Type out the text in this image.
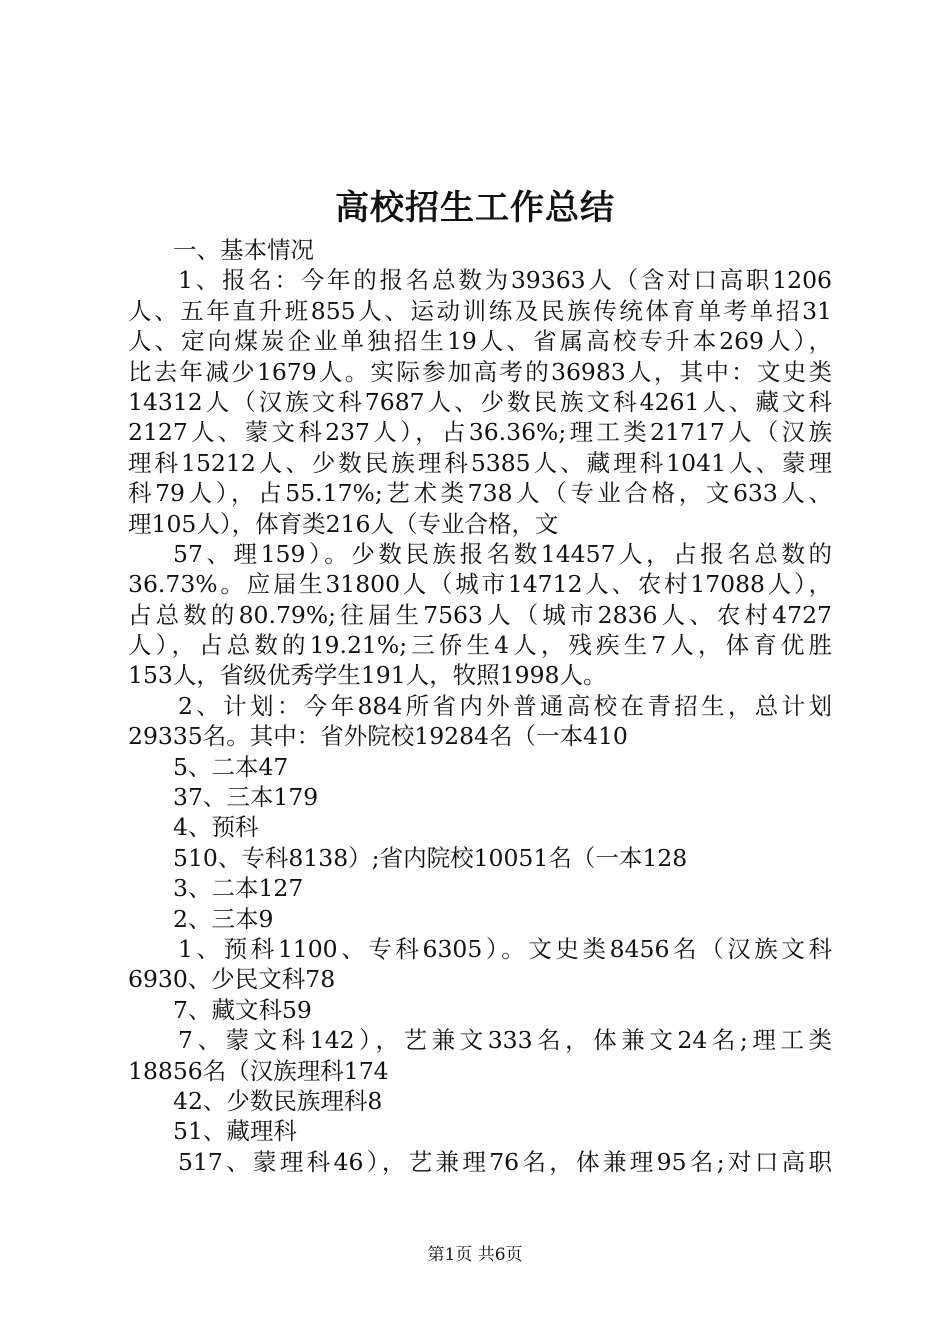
高校招生工作总结

一、基本情况

1、报名：今年的报名总数为39363人（含对口高职1206

人、五年直升班855人、运动训练及民族传统体育单考单招31

人、定向煤炭企业单独招生19人、省属高校专升本269人），

比去年减少1679人。实际参加高考的36983人，其中：文史类

14312人（汉族文科7687人、少数民族文科4261人、藏文科

2127人、蒙文科237人），占36.36%;理工类21717人（汉族

理科15212人、少数民族理科5385人、藏理科1041人、蒙理

科79人），占55.17%;艺术类738人（专业合格，文633人、

理105人），体育类216人（专业合格，文

57、理159）。少数民族报名数14457人，占报名总数的

36.73%。应届生31800人（城市14712人、农村17088人），

占总数的80.79%;往届生7563人（城市2836人、农村4727

人），占总数的19.21%;三侨生4人，残疾生7人，体育优胜

153人，省级优秀学生191人，牧照1998人。

2、计划：今年884所省内外普通高校在青招生，总计划

29335名。其中：省外院校19284名（一本410

5、二本47

37、三本179

4、预科

510、专科8138）;省内院校10051名（一本128

3、二本127

2、三本9

1、预科1100、专科6305）。文史类8456名（汉族文科

6930、少民文科78

7、藏文科59

7、蒙文科142），艺兼文333名，体兼文24名;理工类

18856名（汉族理科174

42、少数民族理科8

51、藏理科

517、蒙理科46），艺兼理76名，体兼理95名;对口高职

第1页 共6页
